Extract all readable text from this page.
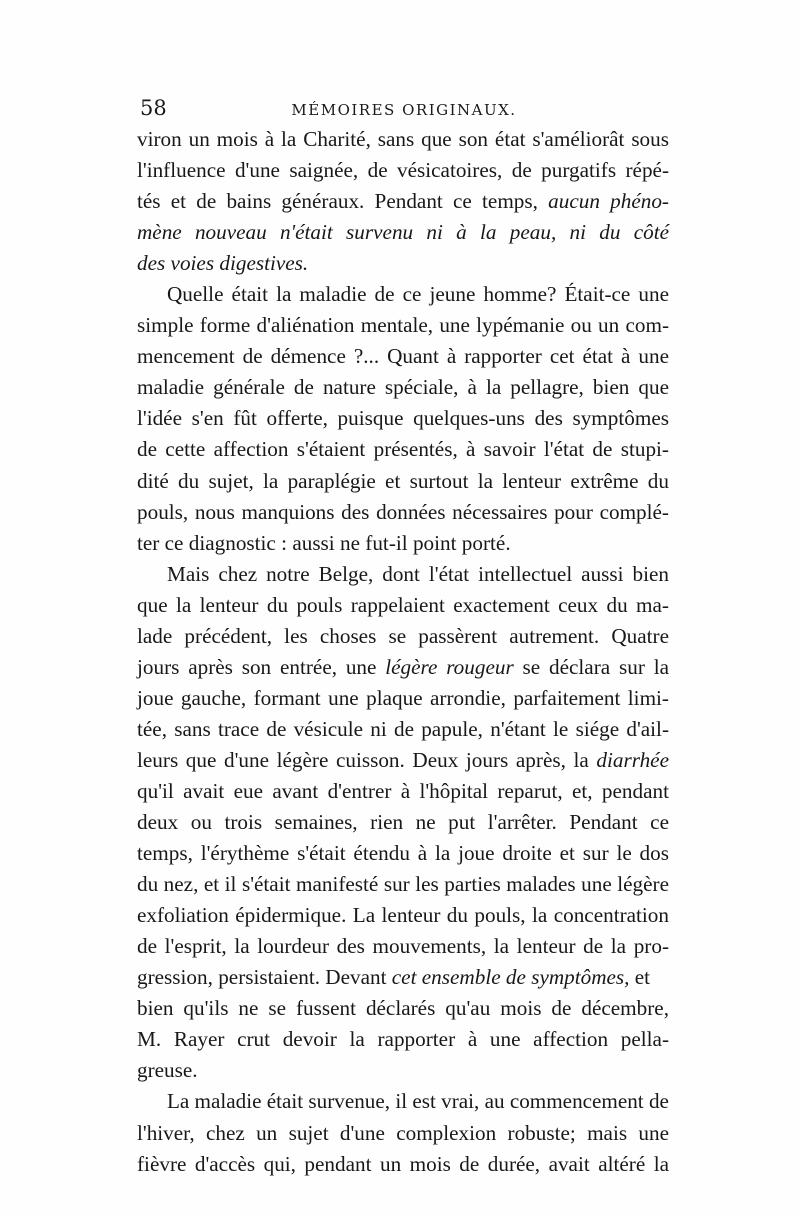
58	MÉMOIRES ORIGINAUX.
viron un mois à la Charité, sans que son état s'améliorât sous
l'influence d'une saignée, de vésicatoires, de purgatifs répé-
tés et de bains généraux. Pendant ce temps, aucun phéno-
mène nouveau n'était survenu ni à la peau, ni du côté
des voies digestives.
Quelle était la maladie de ce jeune homme? Était-ce une
simple forme d'aliénation mentale, une lypémanie ou un com-
mencement de démence ?... Quant à rapporter cet état à une
maladie générale de nature spéciale, à la pellagre, bien que
l'idée s'en fût offerte, puisque quelques-uns des symptômes
de cette affection s'étaient présentés, à savoir l'état de stupi-
dité du sujet, la paraplégie et surtout la lenteur extrême du
pouls, nous manquions des données nécessaires pour complé-
ter ce diagnostic : aussi ne fut-il point porté.
Mais chez notre Belge, dont l'état intellectuel aussi bien
que la lenteur du pouls rappelaient exactement ceux du ma-
lade précédent, les choses se passèrent autrement. Quatre
jours après son entrée, une légère rougeur se déclara sur la
joue gauche, formant une plaque arrondie, parfaitement limi-
tée, sans trace de vésicule ni de papule, n'étant le siége d'ail-
leurs que d'une légère cuisson. Deux jours après, la diarrhée
qu'il avait eue avant d'entrer à l'hôpital reparut, et, pendant
deux ou trois semaines, rien ne put l'arrêter. Pendant ce
temps, l'érythème s'était étendu à la joue droite et sur le dos
du nez, et il s'était manifesté sur les parties malades une légère
exfoliation épidermique. La lenteur du pouls, la concentration
de l'esprit, la lourdeur des mouvements, la lenteur de la pro-
gression, persistaient. Devant cet ensemble de symptômes, et
bien qu'ils ne se fussent déclarés qu'au mois de décembre,
M. Rayer crut devoir la rapporter à une affection pella-
greuse.
La maladie était survenue, il est vrai, au commencement de
l'hiver, chez un sujet d'une complexion robuste; mais une
fièvre d'accès qui, pendant un mois de durée, avait altéré la
